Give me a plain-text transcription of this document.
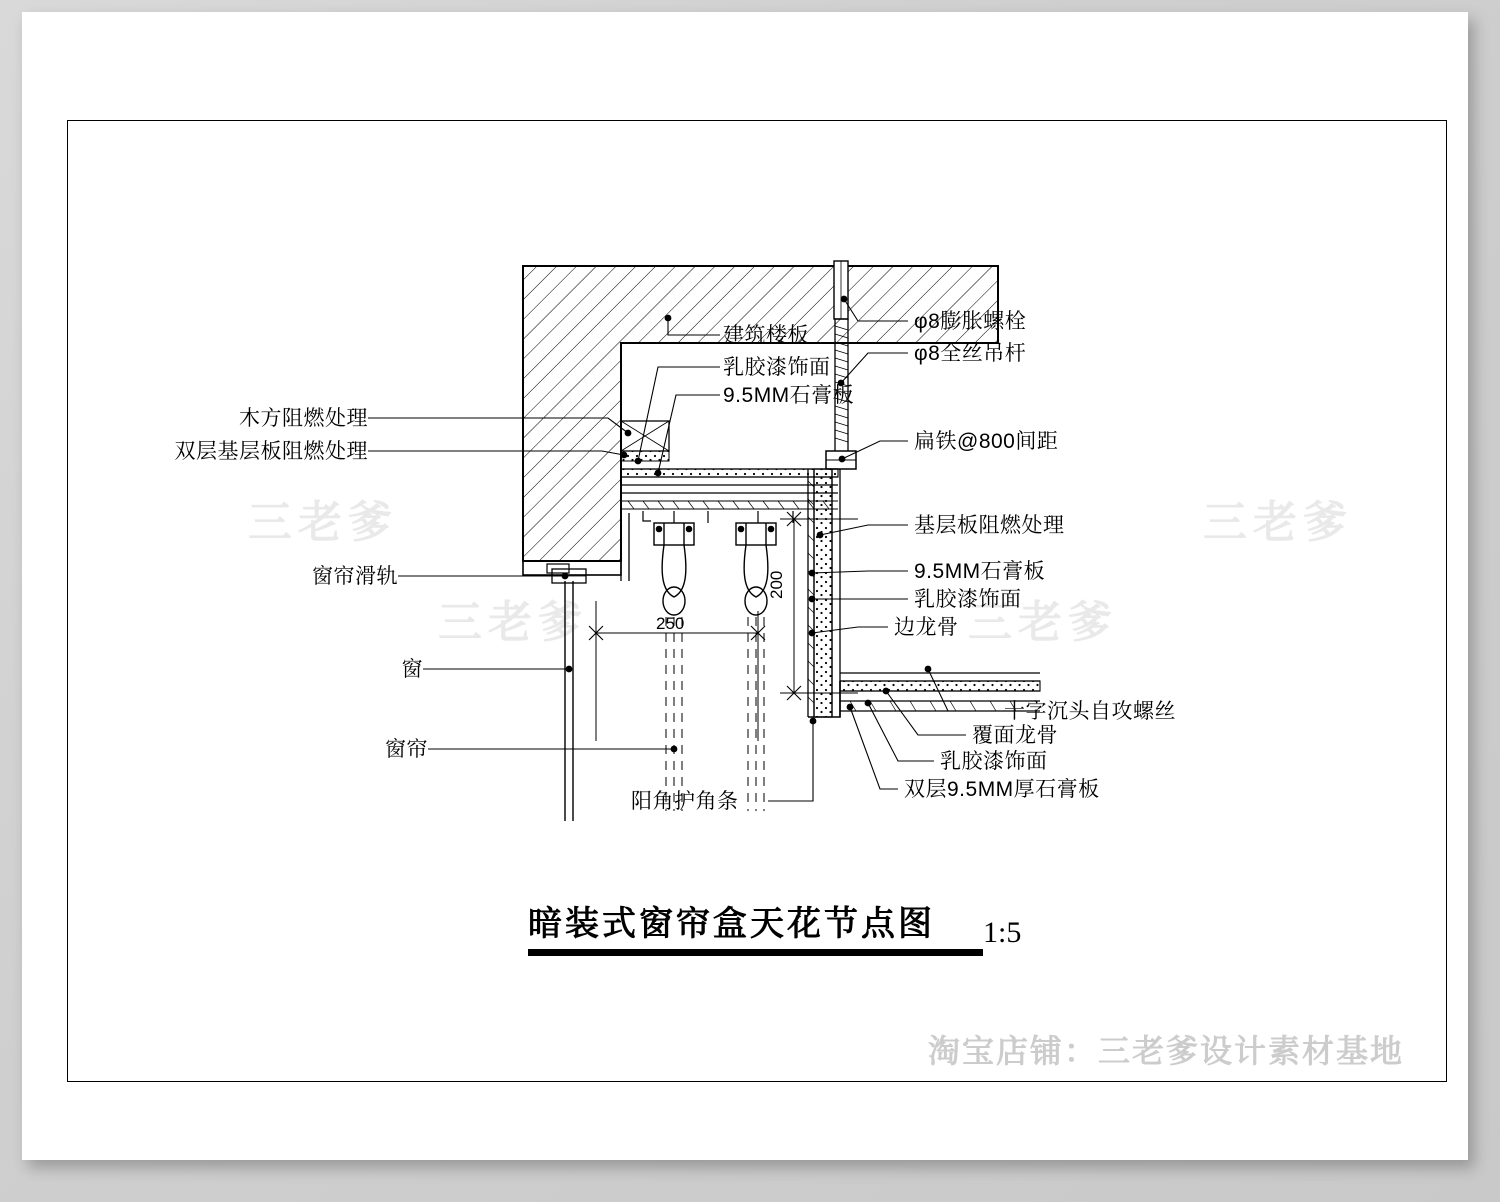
三老爹	三老爹
三老爹	三老爹
建筑楼板
乳胶漆饰面
9.5MM石膏板
阳角护角条
木方阻燃处理
双层基层板阻燃处理
窗帘滑轨
窗
窗帘
φ8膨胀螺栓
φ8全丝吊杆
扁铁@800间距
基层板阻燃处理
9.5MM石膏板
乳胶漆饰面
边龙骨
十字沉头自攻螺丝
覆面龙骨
乳胶漆饰面
双层9.5MM厚石膏板
250
200
暗装式窗帘盒天花节点图 1:5
淘宝店铺：三老爹设计素材基地
